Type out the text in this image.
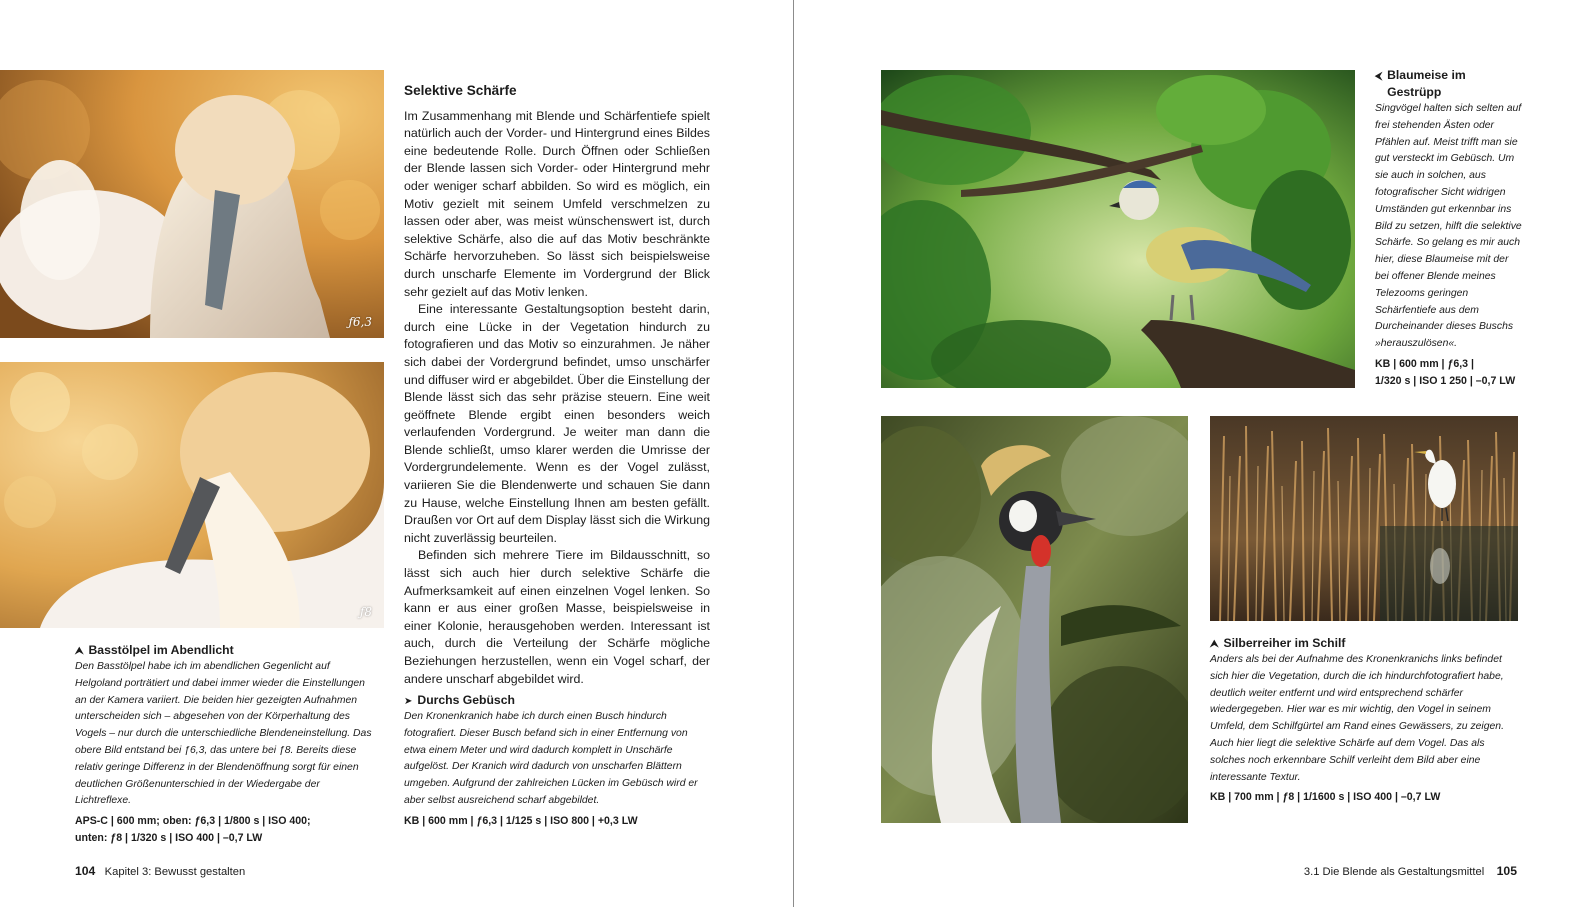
ƒ6,3
ƒ8
Selektive Schärfe

Im Zusammenhang mit Blende und Schärfentiefe spielt natürlich auch der Vorder- und Hintergrund eines Bildes eine bedeutende Rolle. Durch Öffnen oder Schließen der Blende lassen sich Vorder- oder Hintergrund mehr oder weniger scharf abbilden. So wird es möglich, ein Motiv gezielt mit seinem Umfeld verschmelzen zu lassen oder aber, was meist wünschenswert ist, durch selektive Schärfe, also die auf das Motiv beschränkte Schärfe hervorzuheben. So lässt sich beispielsweise durch unscharfe Elemente im Vordergrund der Blick sehr gezielt auf das Motiv lenken.

Eine interessante Gestaltungsoption besteht darin, durch eine Lücke in der Vegetation hindurch zu fotografieren und das Motiv so einzurahmen. Je näher sich dabei der Vordergrund befindet, umso unschärfer und diffuser wird er abgebildet. Über die Einstellung der Blende lässt sich das sehr präzise steuern. Eine weit geöffnete Blende ergibt einen besonders weich verlaufenden Vordergrund. Je weiter man dann die Blende schließt, umso klarer werden die Umrisse der Vordergrundelemente. Wenn es der Vogel zulässt, variieren Sie die Blendenwerte und schauen Sie dann zu Hause, welche Einstellung Ihnen am besten gefällt. Draußen vor Ort auf dem Display lässt sich die Wirkung nicht zuverlässig beurteilen.

Befinden sich mehrere Tiere im Bildausschnitt, so lässt sich auch hier durch selektive Schärfe die Aufmerksamkeit auf einen einzelnen Vogel lenken. So kann er aus einer großen Masse, beispielsweise in einer Kolonie, herausgehoben werden. Interessant ist auch, durch die Verteilung der Schärfe mögliche Beziehungen herzustellen, wenn ein Vogel scharf, der andere unscharf abgebildet wird.

⮝ Basstölpel im Abendlicht
Den Basstölpel habe ich im abendlichen Gegenlicht auf Helgoland porträtiert und dabei immer wieder die Einstellungen an der Kamera variiert. Die beiden hier gezeigten Aufnahmen unterscheiden sich – abgesehen von der Körperhaltung des Vogels – nur durch die unterschiedliche Blendeneinstellung. Das obere Bild entstand bei ƒ6,3, das untere bei ƒ8. Bereits diese relativ geringe Differenz in der Blendenöffnung sorgt für einen deutlichen Größenunterschied in der Wiedergabe der Lichtreflexe.
APS-C | 600 mm; oben: ƒ6,3 | 1/800 s | ISO 400;
unten: ƒ8 | 1/320 s | ISO 400 | –0,7 LW
➤ Durchs Gebüsch
Den Kronenkranich habe ich durch einen Busch hindurch fotografiert. Dieser Busch befand sich in einer Entfernung von etwa einem Meter und wird dadurch komplett in Unschärfe aufgelöst. Der Kranich wird dadurch von unscharfen Blättern umgeben. Aufgrund der zahlreichen Lücken im Gebüsch wird er aber selbst ausreichend scharf abgebildet.
KB | 600 mm | ƒ6,3 | 1/125 s | ISO 800 | +0,3 LW
⮜ Blaumeise im Gestrüpp
Singvögel halten sich selten auf frei stehenden Ästen oder Pfählen auf. Meist trifft man sie gut versteckt im Gebüsch. Um sie auch in solchen, aus fotografischer Sicht widrigen Umständen gut erkennbar ins Bild zu setzen, hilft die selektive Schärfe. So gelang es mir auch hier, diese Blaumeise mit der bei offener Blende meines Telezooms geringen Schärfentiefe aus dem Durcheinander dieses Buschs »herauszulösen«.
KB | 600 mm | ƒ6,3 |
1/320 s | ISO 1 250 | –0,7 LW
⮝ Silberreiher im Schilf
Anders als bei der Aufnahme des Kronenkranichs links befindet sich hier die Vegetation, durch die ich hindurchfotografiert habe, deutlich weiter entfernt und wird entsprechend schärfer wiedergegeben. Hier war es mir wichtig, den Vogel in seinem Umfeld, dem Schilfgürtel am Rand eines Gewässers, zu zeigen. Auch hier liegt die selektive Schärfe auf dem Vogel. Das als solches noch erkennbare Schilf verleiht dem Bild aber eine interessante Textur.
KB | 700 mm | ƒ8 | 1/1600 s | ISO 400 | –0,7 LW
104 Kapitel 3: Bewusst gestalten	3.1 Die Blende als Gestaltungsmittel 105
